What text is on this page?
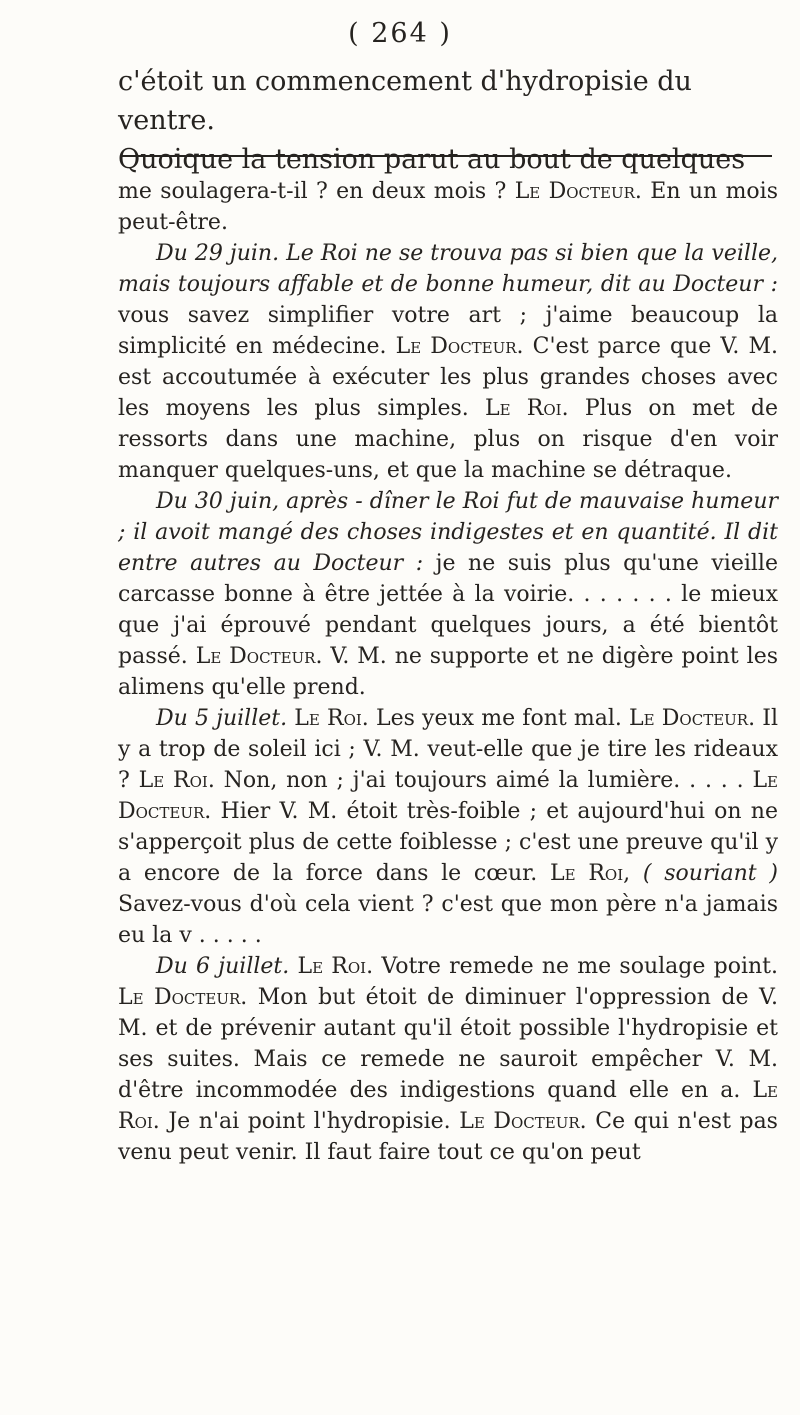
( 264 )

c'étoit un commencement d'hydropisie du ventre.

Quoique la tension parut au bout de quelques

me soulagera-t-il ? en deux mois ? Le Docteur. En un mois peut-être.

Du 29 juin. Le Roi ne se trouva pas si bien que la veille, mais toujours affable et de bonne humeur, dit au Docteur : vous savez simplifier votre art ; j'aime beaucoup la simplicité en médecine. Le Docteur. C'est parce que V. M. est accoutumée à exécuter les plus grandes choses avec les moyens les plus simples. Le Roi. Plus on met de ressorts dans une machine, plus on risque d'en voir manquer quelques-uns, et que la machine se détraque.

Du 30 juin, après - dîner le Roi fut de mauvaise humeur ; il avoit mangé des choses indigestes et en quantité. Il dit entre autres au Docteur : je ne suis plus qu'une vieille carcasse bonne à être jettée à la voirie. . . . . . . le mieux que j'ai éprouvé pendant quelques jours, a été bientôt passé. Le Docteur. V. M. ne supporte et ne digère point les alimens qu'elle prend.

Du 5 juillet. Le Roi. Les yeux me font mal. Le Docteur. Il y a trop de soleil ici ; V. M. veut-elle que je tire les rideaux ? Le Roi. Non, non ; j'ai toujours aimé la lumière. . . . . Le Docteur. Hier V. M. étoit très-foible ; et aujourd'hui on ne s'apperçoit plus de cette foiblesse ; c'est une preuve qu'il y a encore de la force dans le cœur. Le Roi, ( souriant ) Savez-vous d'où cela vient ? c'est que mon père n'a jamais eu la v . . . . .

Du 6 juillet. Le Roi. Votre remede ne me soulage point. Le Docteur. Mon but étoit de diminuer l'oppression de V. M. et de prévenir autant qu'il étoit possible l'hydropisie et ses suites. Mais ce remede ne sauroit empêcher V. M. d'être incommodée des indigestions quand elle en a. Le Roi. Je n'ai point l'hydropisie. Le Docteur. Ce qui n'est pas venu peut venir. Il faut faire tout ce qu'on peut
